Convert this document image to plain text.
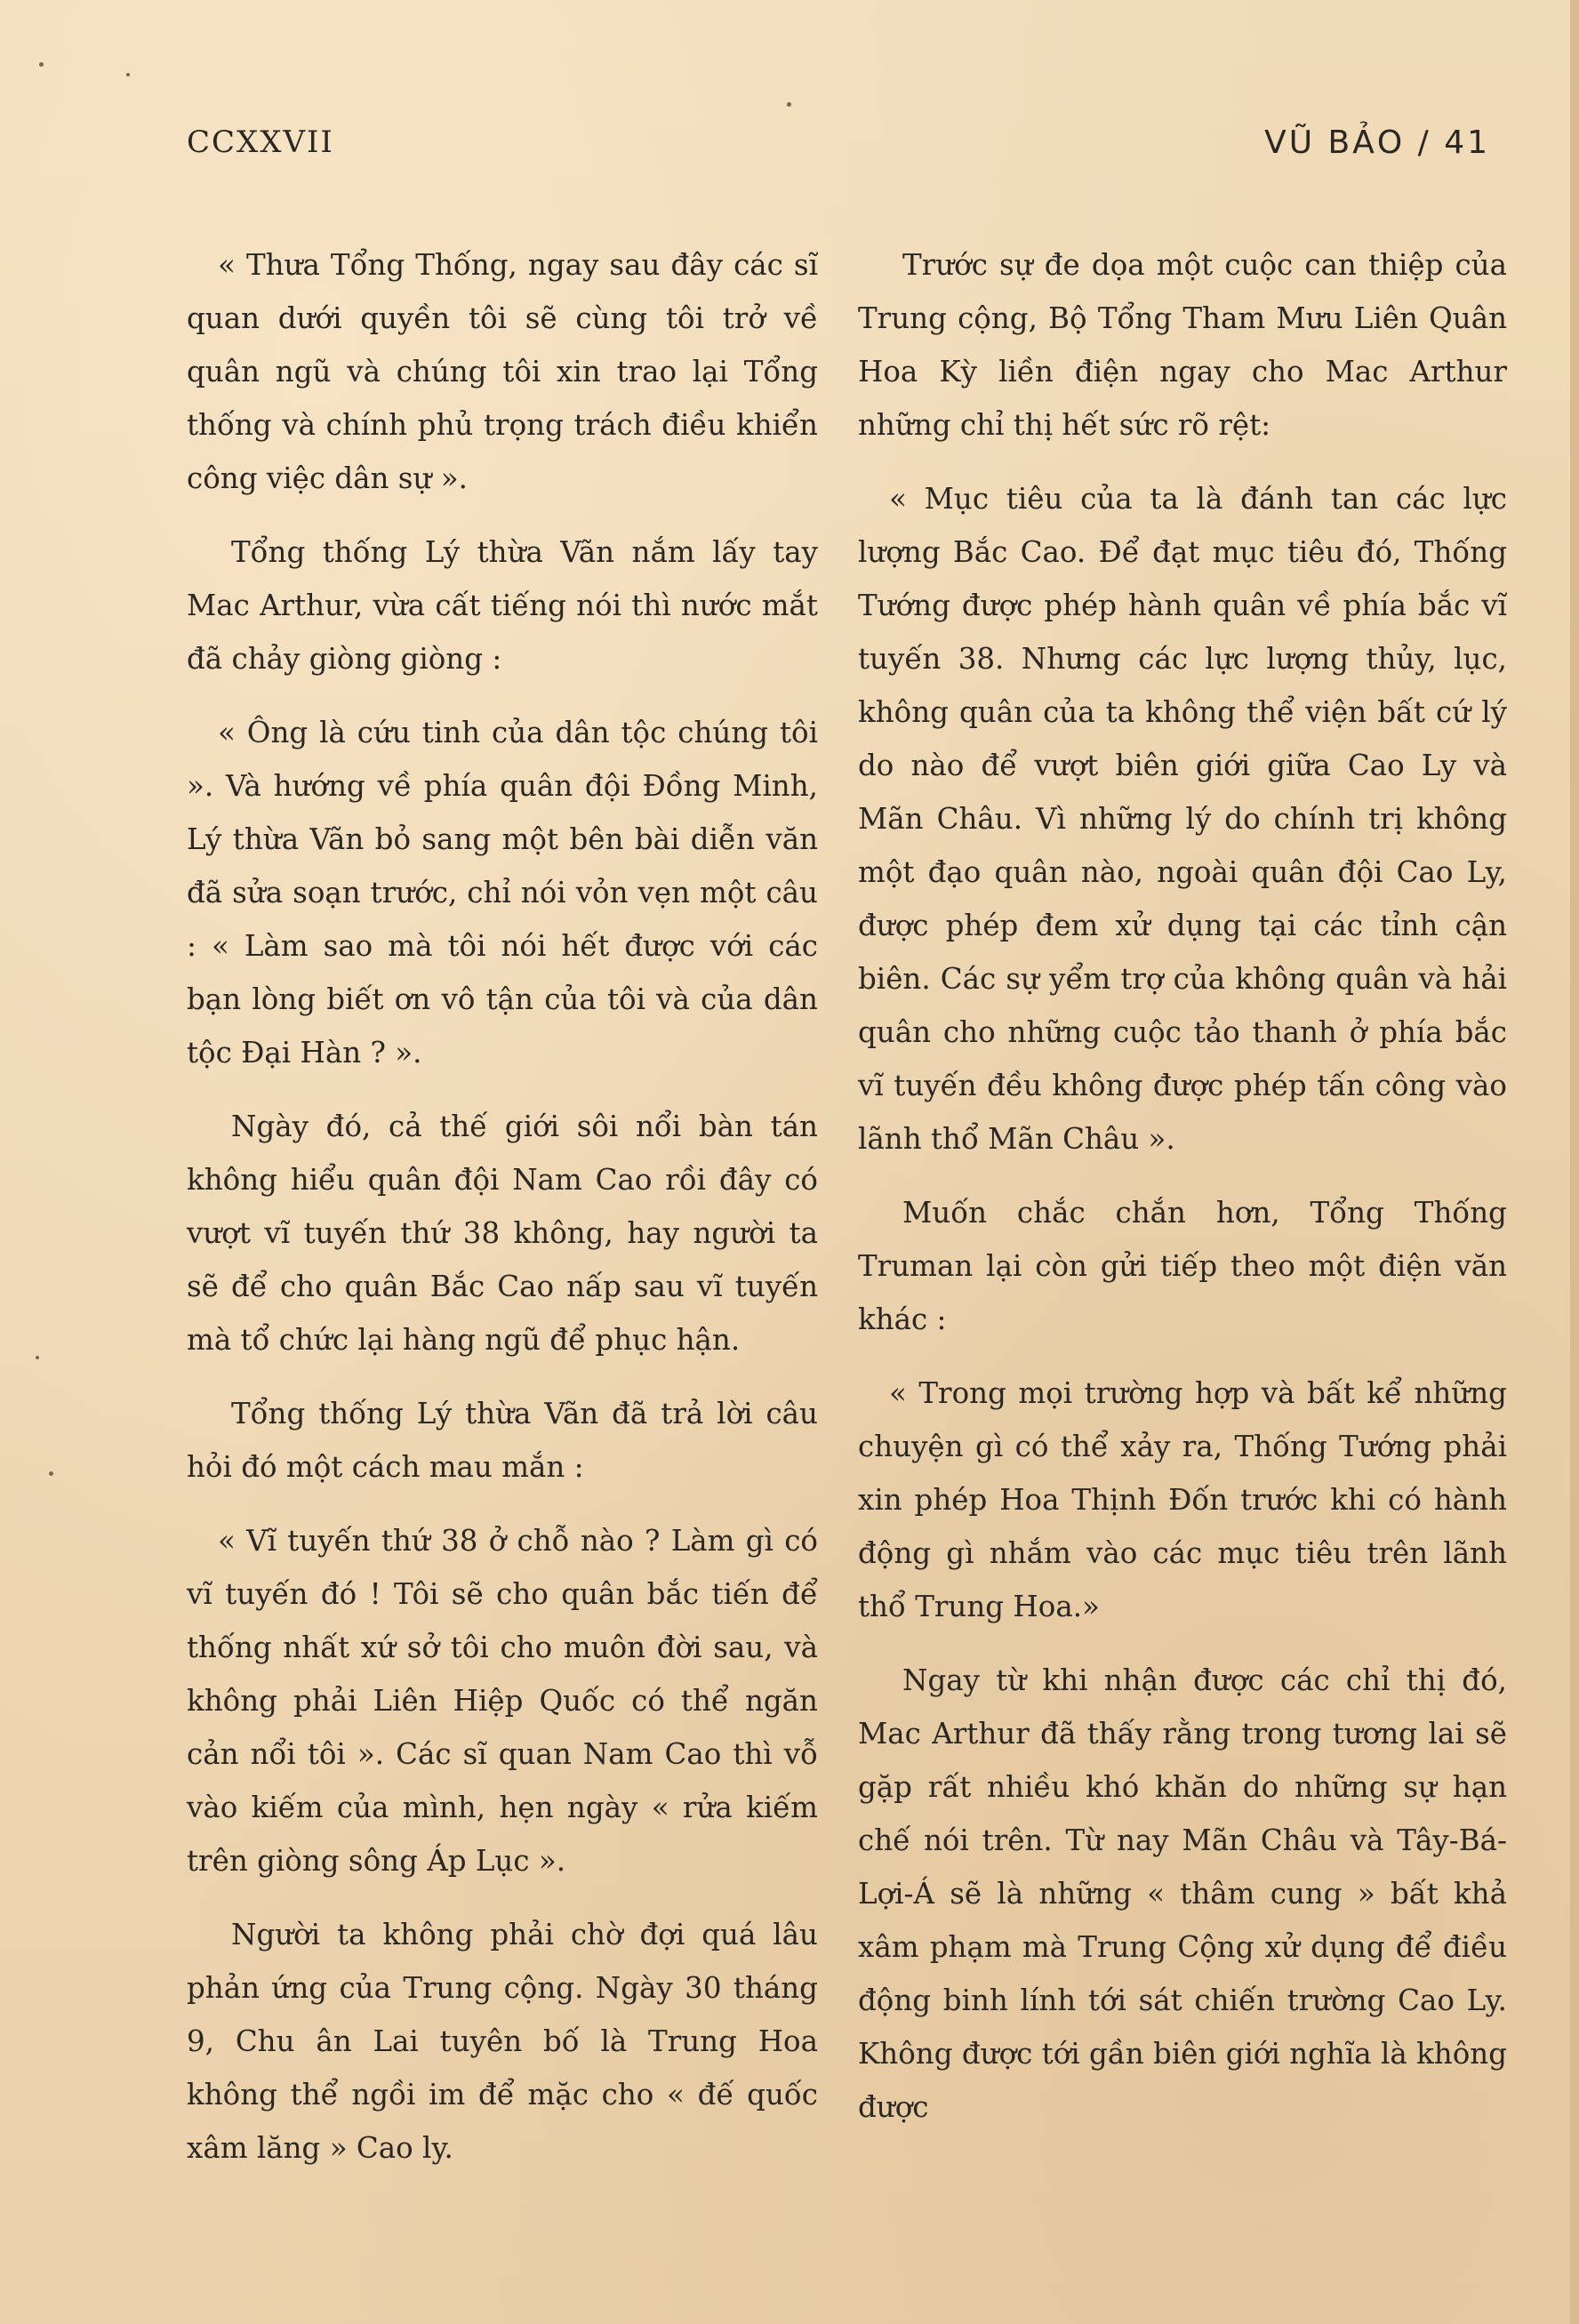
CCXXVII	VŨ BẢO / 41

« Thưa Tổng Thống, ngay sau đây các sĩ quan dưới quyền tôi sẽ cùng tôi trở về quân ngũ và chúng tôi xin trao lại Tổng thống và chính phủ trọng trách điều khiển công việc dân sự ».

Tổng thống Lý thừa Vãn nắm lấy tay Mac Arthur, vừa cất tiếng nói thì nước mắt đã chảy giòng giòng :

« Ông là cứu tinh của dân tộc chúng tôi ». Và hướng về phía quân đội Đồng Minh, Lý thừa Vãn bỏ sang một bên bài diễn văn đã sửa soạn trước, chỉ nói vỏn vẹn một câu : « Làm sao mà tôi nói hết được với các bạn lòng biết ơn vô tận của tôi và của dân tộc Đại Hàn ? ».

Ngày đó, cả thế giới sôi nổi bàn tán không hiểu quân đội Nam Cao rồi đây có vượt vĩ tuyến thứ 38 không, hay người ta sẽ để cho quân Bắc Cao nấp sau vĩ tuyến mà tổ chức lại hàng ngũ để phục hận.

Tổng thống Lý thừa Vãn đã trả lời câu hỏi đó một cách mau mắn :

« Vĩ tuyến thứ 38 ở chỗ nào ? Làm gì có vĩ tuyến đó ! Tôi sẽ cho quân bắc tiến để thống nhất xứ sở tôi cho muôn đời sau, và không phải Liên Hiệp Quốc có thể ngăn cản nổi tôi ». Các sĩ quan Nam Cao thì vỗ vào kiếm của mình, hẹn ngày « rửa kiếm trên giòng sông Áp Lục ».

Người ta không phải chờ đợi quá lâu phản ứng của Trung cộng. Ngày 30 tháng 9, Chu ân Lai tuyên bố là Trung Hoa không thể ngồi im để mặc cho « đế quốc xâm lăng » Cao ly.

Trước sự đe dọa một cuộc can thiệp của Trung cộng, Bộ Tổng Tham Mưu Liên Quân Hoa Kỳ liền điện ngay cho Mac Arthur những chỉ thị hết sức rõ rệt:

« Mục tiêu của ta là đánh tan các lực lượng Bắc Cao. Để đạt mục tiêu đó, Thống Tướng được phép hành quân về phía bắc vĩ tuyến 38. Nhưng các lực lượng thủy, lục, không quân của ta không thể viện bất cứ lý do nào để vượt biên giới giữa Cao Ly và Mãn Châu. Vì những lý do chính trị không một đạo quân nào, ngoài quân đội Cao Ly, được phép đem xử dụng tại các tỉnh cận biên. Các sự yểm trợ của không quân và hải quân cho những cuộc tảo thanh ở phía bắc vĩ tuyến đều không được phép tấn công vào lãnh thổ Mãn Châu ».

Muốn chắc chắn hơn, Tổng Thống Truman lại còn gửi tiếp theo một điện văn khác :

« Trong mọi trường hợp và bất kể những chuyện gì có thể xảy ra, Thống Tướng phải xin phép Hoa Thịnh Đốn trước khi có hành động gì nhắm vào các mục tiêu trên lãnh thổ Trung Hoa.»

Ngay từ khi nhận được các chỉ thị đó, Mac Arthur đã thấy rằng trong tương lai sẽ gặp rất nhiều khó khăn do những sự hạn chế nói trên. Từ nay Mãn Châu và Tây-Bá-Lợi-Á sẽ là những « thâm cung » bất khả xâm phạm mà Trung Cộng xử dụng để điều động binh lính tới sát chiến trường Cao Ly. Không được tới gần biên giới nghĩa là không được
